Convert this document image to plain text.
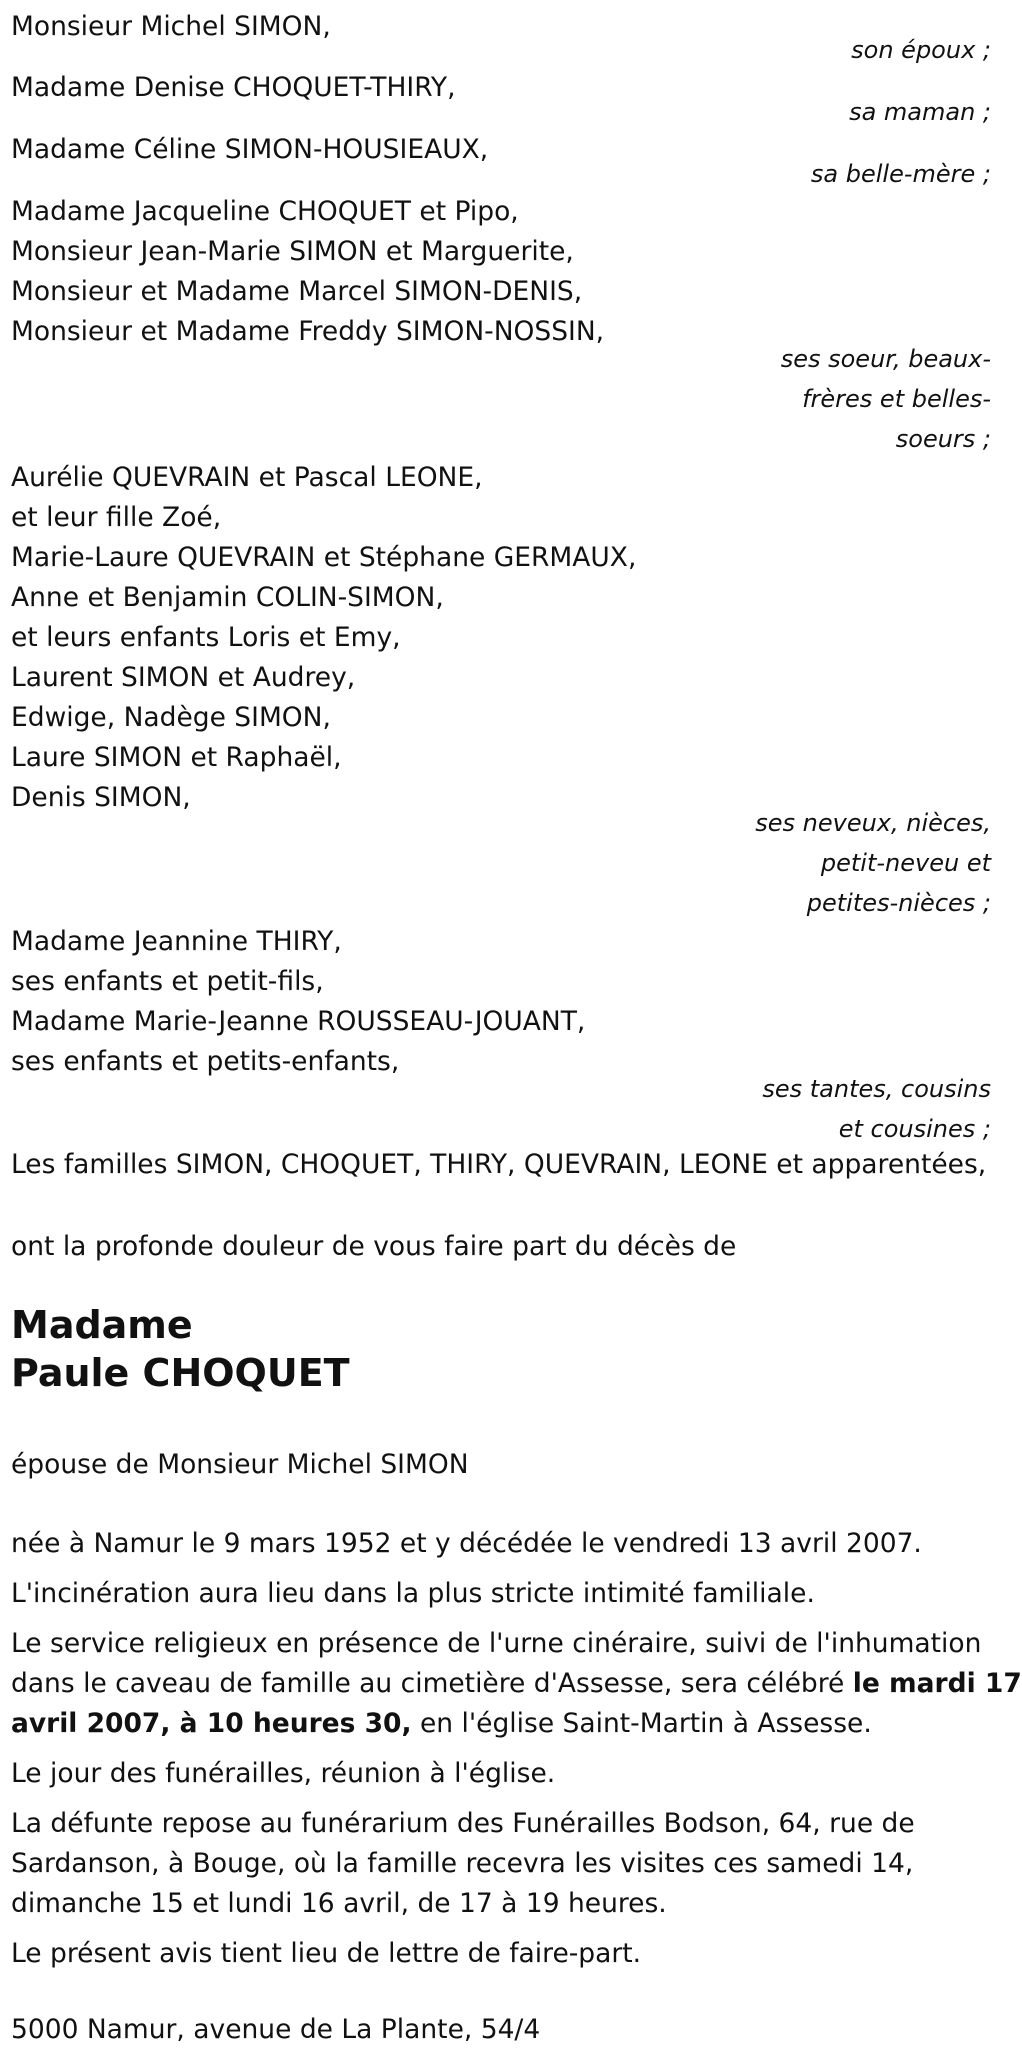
Monsieur Michel SIMON,
son époux ;
Madame Denise CHOQUET-THIRY,
sa maman ;
Madame Céline SIMON-HOUSIEAUX,
sa belle-mère ;
Madame Jacqueline CHOQUET et Pipo,
Monsieur Jean-Marie SIMON et Marguerite,
Monsieur et Madame Marcel SIMON-DENIS,
Monsieur et Madame Freddy SIMON-NOSSIN,
ses soeur, beaux-
frères et belles-
soeurs ;
Aurélie QUEVRAIN et Pascal LEONE,
et leur fille Zoé,
Marie-Laure QUEVRAIN et Stéphane GERMAUX,
Anne et Benjamin COLIN-SIMON,
et leurs enfants Loris et Emy,
Laurent SIMON et Audrey,
Edwige, Nadège SIMON,
Laure SIMON et Raphaël,
Denis SIMON,
ses neveux, nièces,
petit-neveu et
petites-nièces ;
Madame Jeannine THIRY,
ses enfants et petit-fils,
Madame Marie-Jeanne ROUSSEAU-JOUANT,
ses enfants et petits-enfants,
ses tantes, cousins
et cousines ;
Les familles SIMON, CHOQUET, THIRY, QUEVRAIN, LEONE et apparentées,
ont la profonde douleur de vous faire part du décès de
Madame
Paule CHOQUET
épouse de Monsieur Michel SIMON
née à Namur le 9 mars 1952 et y décédée le vendredi 13 avril 2007.
L'incinération aura lieu dans la plus stricte intimité familiale.
Le service religieux en présence de l'urne cinéraire, suivi de l'inhumation
dans le caveau de famille au cimetière d'Assesse, sera célébré le mardi 17
avril 2007, à 10 heures 30, en l'église Saint-Martin à Assesse.
Le jour des funérailles, réunion à l'église.
La défunte repose au funérarium des Funérailles Bodson, 64, rue de
Sardanson, à Bouge, où la famille recevra les visites ces samedi 14,
dimanche 15 et lundi 16 avril, de 17 à 19 heures.
Le présent avis tient lieu de lettre de faire-part.
5000 Namur, avenue de La Plante, 54/4
